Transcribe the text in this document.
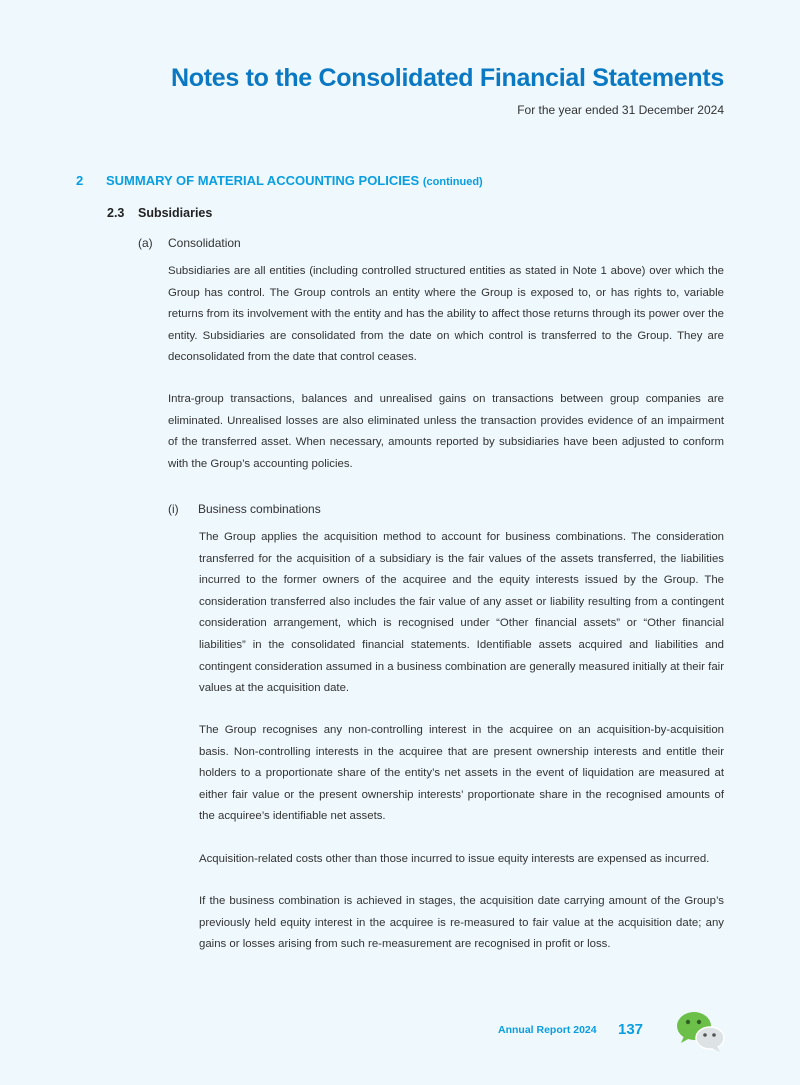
Notes to the Consolidated Financial Statements

For the year ended 31 December 2024

2 SUMMARY OF MATERIAL ACCOUNTING POLICIES (continued)
2.3 Subsidiaries
(a) Consolidation

Subsidiaries are all entities (including controlled structured entities as stated in Note 1 above) over which the Group has control. The Group controls an entity where the Group is exposed to, or has rights to, variable returns from its involvement with the entity and has the ability to affect those returns through its power over the entity. Subsidiaries are consolidated from the date on which control is transferred to the Group. They are deconsolidated from the date that control ceases.

Intra-group transactions, balances and unrealised gains on transactions between group companies are eliminated. Unrealised losses are also eliminated unless the transaction provides evidence of an impairment of the transferred asset. When necessary, amounts reported by subsidiaries have been adjusted to conform with the Group’s accounting policies.

(i) Business combinations

The Group applies the acquisition method to account for business combinations. The consideration transferred for the acquisition of a subsidiary is the fair values of the assets transferred, the liabilities incurred to the former owners of the acquiree and the equity interests issued by the Group. The consideration transferred also includes the fair value of any asset or liability resulting from a contingent consideration arrangement, which is recognised under “Other financial assets” or “Other financial liabilities” in the consolidated financial statements. Identifiable assets acquired and liabilities and contingent consideration assumed in a business combination are generally measured initially at their fair values at the acquisition date.

The Group recognises any non-controlling interest in the acquiree on an acquisition-by-acquisition basis. Non-controlling interests in the acquiree that are present ownership interests and entitle their holders to a proportionate share of the entity’s net assets in the event of liquidation are measured at either fair value or the present ownership interests’ proportionate share in the recognised amounts of the acquiree’s identifiable net assets.

Acquisition-related costs other than those incurred to issue equity interests are expensed as incurred.

If the business combination is achieved in stages, the acquisition date carrying amount of the Group’s previously held equity interest in the acquiree is re-measured to fair value at the acquisition date; any gains or losses arising from such re-measurement are recognised in profit or loss.

Annual Report 2024 137
